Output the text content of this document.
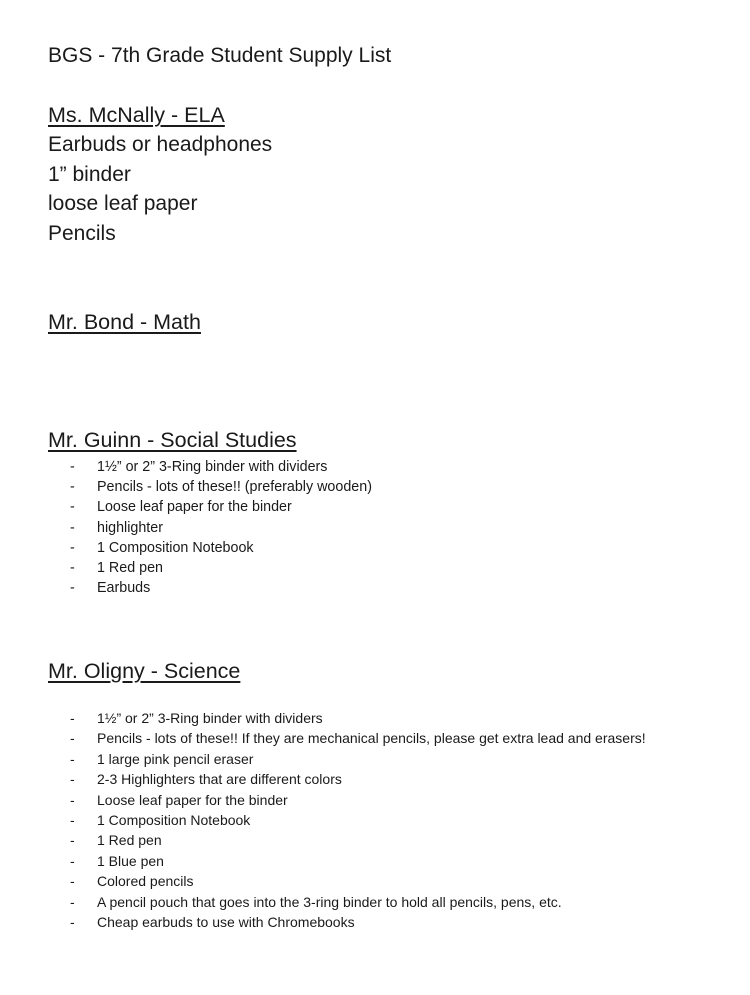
BGS - 7th Grade Student Supply List
Ms. McNally - ELA
Earbuds or headphones
1” binder
loose leaf paper
Pencils
Mr. Bond - Math
Mr. Guinn - Social Studies
- 1½” or 2” 3-Ring binder with dividers
- Pencils - lots of these!! (preferably wooden)
- Loose leaf paper for the binder
- highlighter
- 1 Composition Notebook
- 1 Red pen
- Earbuds
Mr. Oligny - Science
- 1½” or 2” 3-Ring binder with dividers
- Pencils - lots of these!! If they are mechanical pencils, please get extra lead and erasers!
- 1 large pink pencil eraser
- 2-3 Highlighters that are different colors
- Loose leaf paper for the binder
- 1 Composition Notebook
- 1 Red pen
- 1 Blue pen
- Colored pencils
- A pencil pouch that goes into the 3-ring binder to hold all pencils, pens, etc.
- Cheap earbuds to use with Chromebooks
